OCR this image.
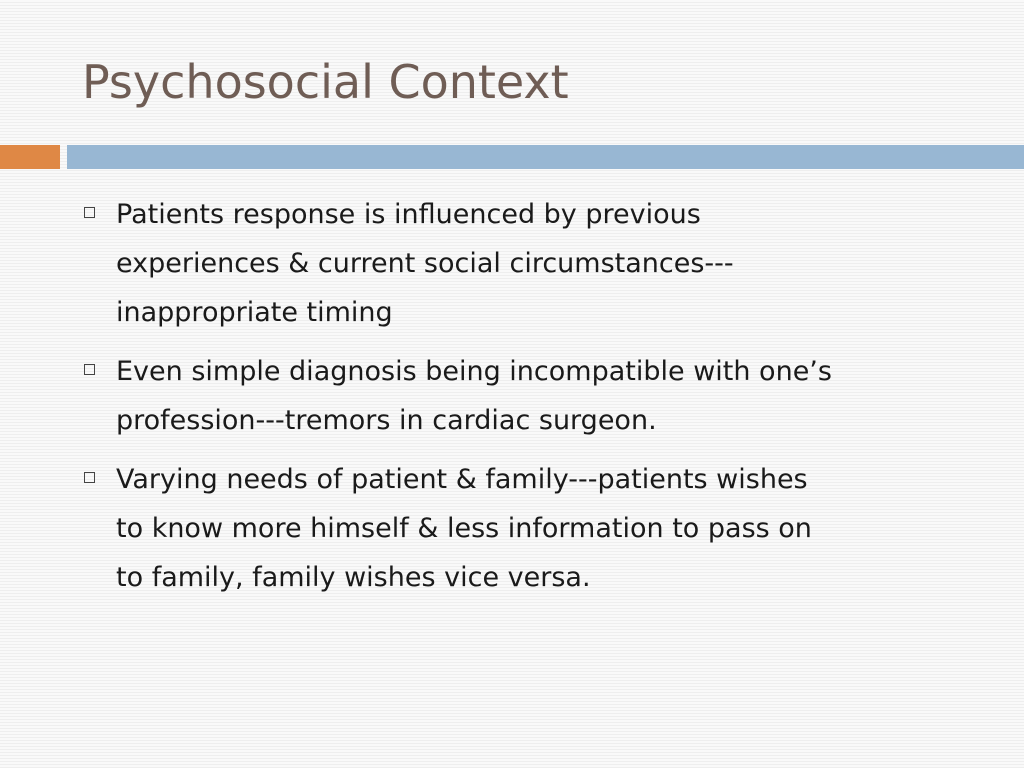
Psychosocial Context
Patients response is influenced by previous
experiences & current social circumstances---
inappropriate timing
Even simple diagnosis being incompatible with one’s
profession---tremors in cardiac surgeon.
Varying needs of patient & family---patients wishes
to know more himself & less information to pass on
to family, family wishes vice versa.
